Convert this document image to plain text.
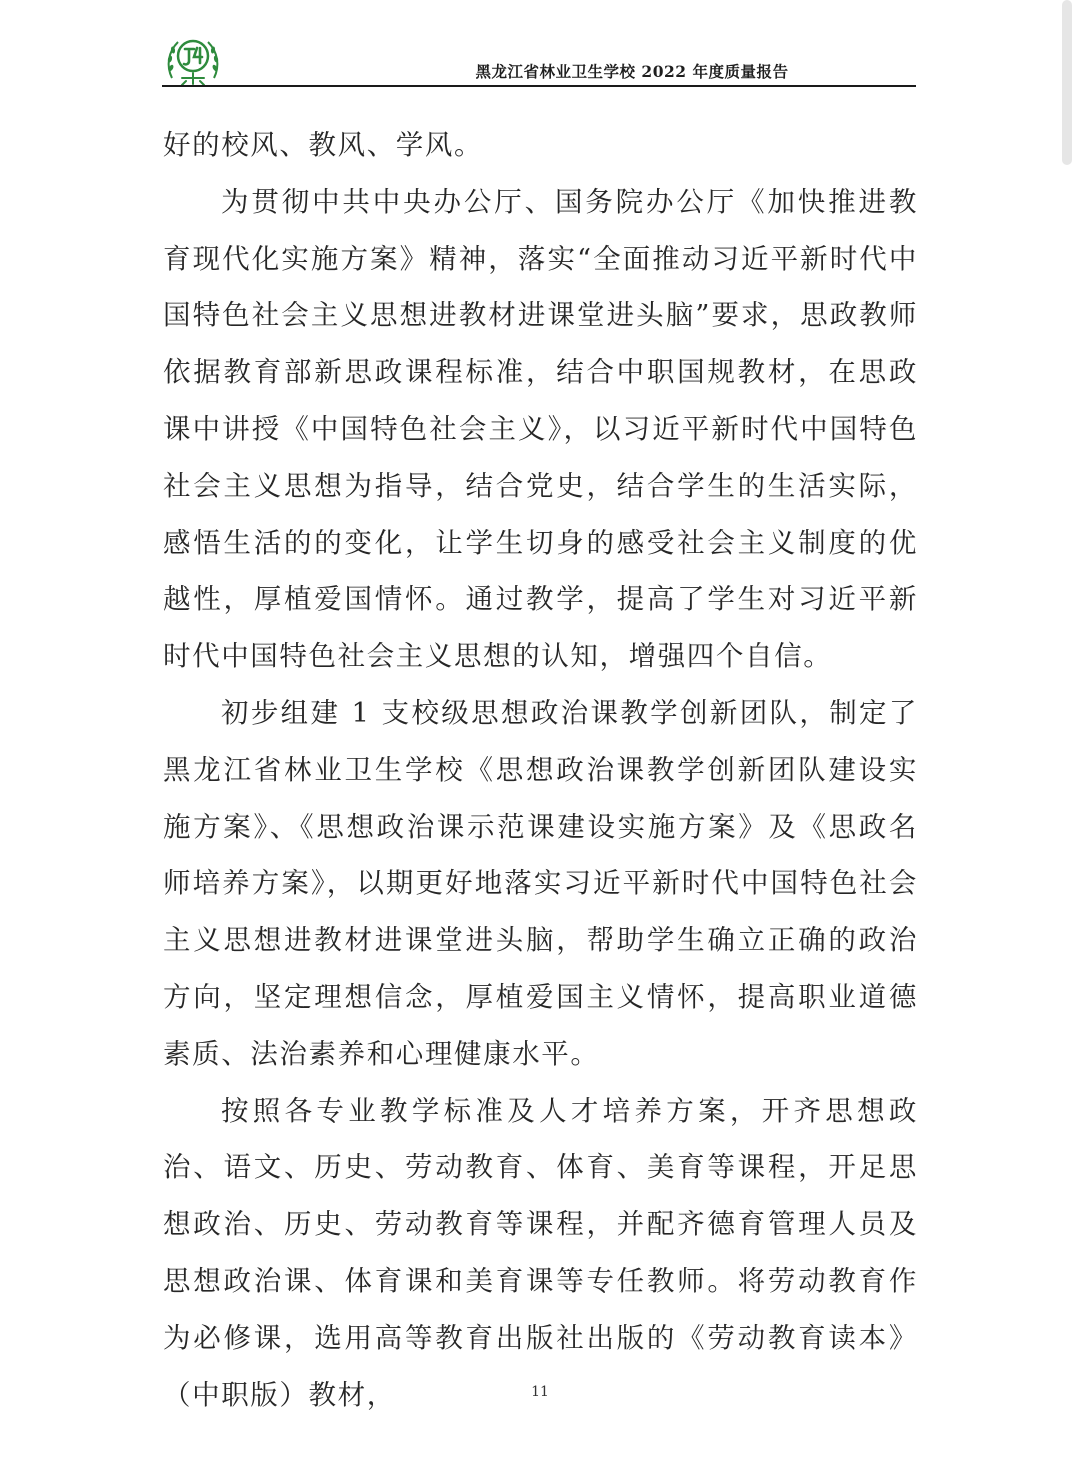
黑龙江省林业卫生学校 2022 年度质量报告

好的校风、教风、学风。

为贯彻中共中央办公厅、国务院办公厅《加快推进教育现代化实施方案》精神，落实“全面推动习近平新时代中国特色社会主义思想进教材进课堂进头脑”要求，思政教师依据教育部新思政课程标准，结合中职国规教材，在思政课中讲授《中国特色社会主义》，以习近平新时代中国特色社会主义思想为指导，结合党史，结合学生的生活实际，感悟生活的的变化，让学生切身的感受社会主义制度的优越性，厚植爱国情怀。通过教学，提高了学生对习近平新时代中国特色社会主义思想的认知，增强四个自信。

初步组建 1 支校级思想政治课教学创新团队，制定了黑龙江省林业卫生学校《思想政治课教学创新团队建设实施方案》、《思想政治课示范课建设实施方案》及《思政名师培养方案》，以期更好地落实习近平新时代中国特色社会主义思想进教材进课堂进头脑，帮助学生确立正确的政治方向，坚定理想信念，厚植爱国主义情怀，提高职业道德素质、法治素养和心理健康水平。

按照各专业教学标准及人才培养方案，开齐思想政治、语文、历史、劳动教育、体育、美育等课程，开足思想政治、历史、劳动教育等课程，并配齐德育管理人员及思想政治课、体育课和美育课等专任教师。将劳动教育作为必修课，选用高等教育出版社出版的《劳动教育读本》（中职版）教材，	11
